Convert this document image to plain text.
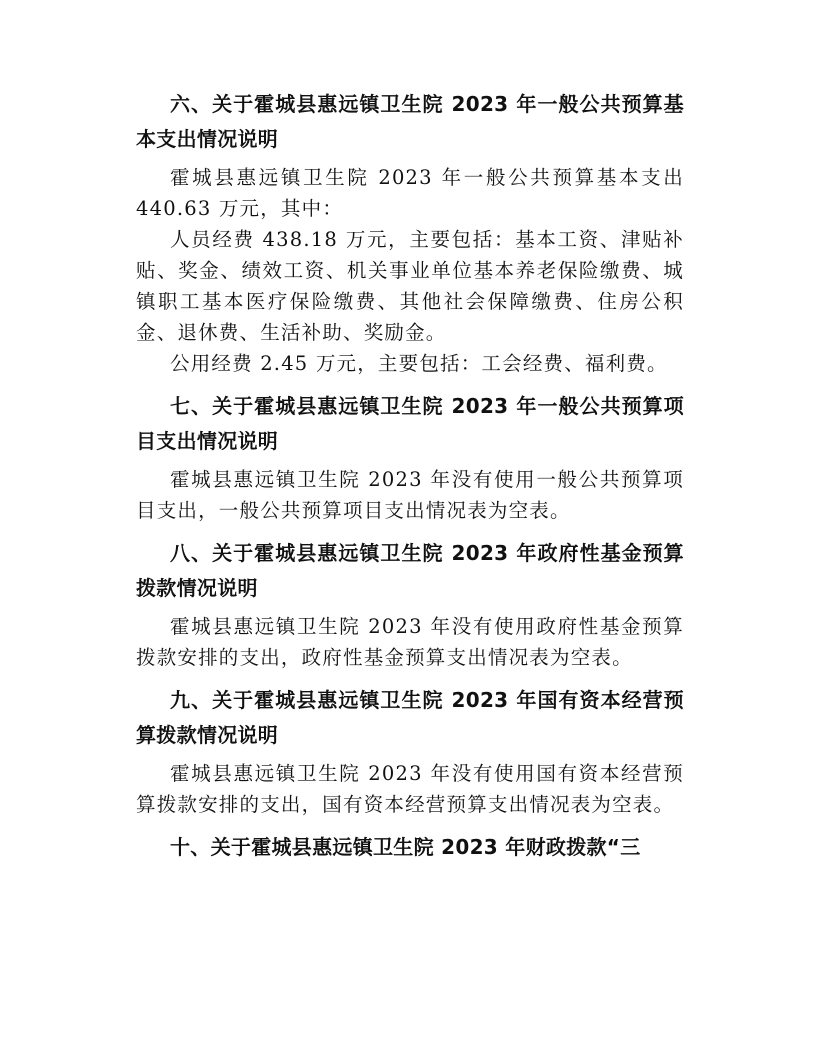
六、关于霍城县惠远镇卫生院 2023 年一般公共预算基本支出情况说明

霍城县惠远镇卫生院 2023 年一般公共预算基本支出440.63 万元，其中：

人员经费 438.18 万元，主要包括：基本工资、津贴补贴、奖金、绩效工资、机关事业单位基本养老保险缴费、城镇职工基本医疗保险缴费、其他社会保障缴费、住房公积金、退休费、生活补助、奖励金。

公用经费 2.45 万元，主要包括：工会经费、福利费。

七、关于霍城县惠远镇卫生院 2023 年一般公共预算项目支出情况说明

霍城县惠远镇卫生院 2023 年没有使用一般公共预算项目支出，一般公共预算项目支出情况表为空表。

八、关于霍城县惠远镇卫生院 2023 年政府性基金预算拨款情况说明

霍城县惠远镇卫生院 2023 年没有使用政府性基金预算拨款安排的支出，政府性基金预算支出情况表为空表。

九、关于霍城县惠远镇卫生院 2023 年国有资本经营预算拨款情况说明

霍城县惠远镇卫生院 2023 年没有使用国有资本经营预算拨款安排的支出，国有资本经营预算支出情况表为空表。

十、关于霍城县惠远镇卫生院 2023 年财政拨款“三
